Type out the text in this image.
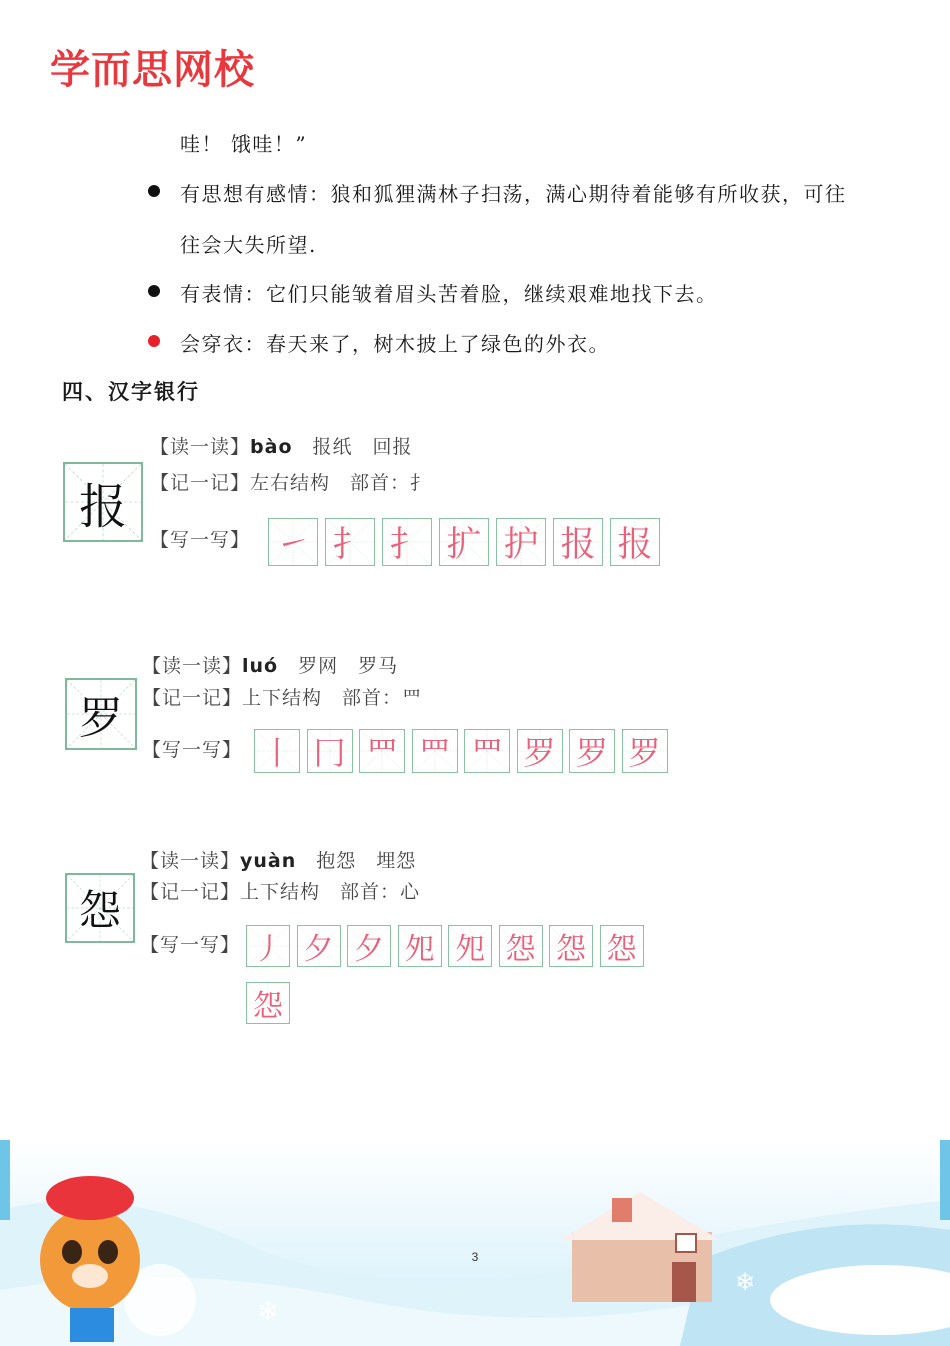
学而思网校
哇！ 饿哇！”
有思想有感情：狼和狐狸满林子扫荡，满心期待着能够有所收获，可往
往会大失所望.
有表情：它们只能皱着眉头苦着脸，继续艰难地找下去。
会穿衣：春天来了，树木披上了绿色的外衣。
四、汉字银行
报
【读一读】bào　 报纸　回报
【记一记】左右结构　部首：扌
【写一写】 ㇀ 扌 扌 扩 护 报 报
罗
【读一读】luó　 罗网　罗马
【记一记】上下结构　部首：罒
【写一写】 丨 冂 罒 罒 罒 罗 罗 罗
怨
【读一读】yuàn　 抱怨　埋怨
【记一记】上下结构　部首：心
【写一写】 丿 夕 夕 夗 夗 怨 怨 怨
怨
❄
❄
3
